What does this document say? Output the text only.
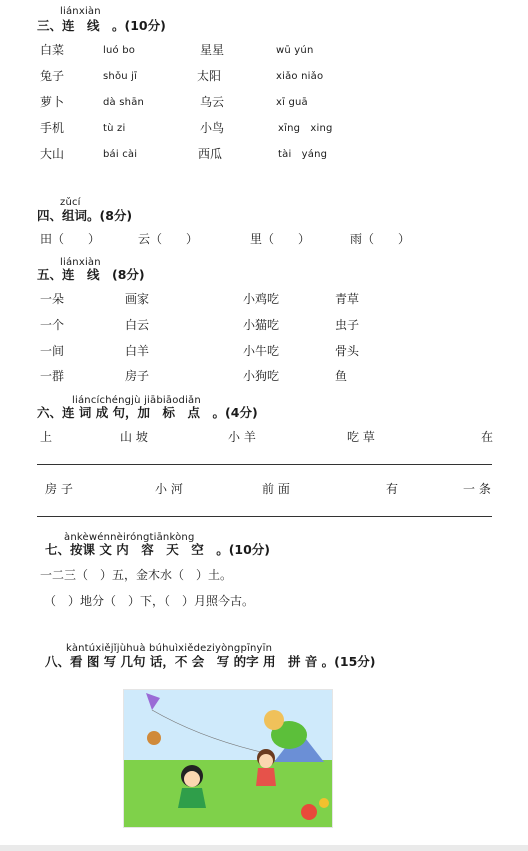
liánxiàn
三、连　线　。(10分)
白菜	luó bo	星星	wū yún
兔子	shǒu jī	太阳	xiǎo niǎo
萝卜	dà shān	乌云	xī guā
手机	tù zi	小鸟	xīng　xing
大山	bái cài	西瓜	tài　yáng
zǔcí
四、组词。(8分)
田（　　）	云（　　）	里（　　）	雨（　　）
liánxiàn
五、连　线　(8分)
一朵	画家	小鸡吃	青草
一个	白云	小猫吃	虫子
一间	白羊	小牛吃	骨头
一群	房子	小狗吃	鱼
liáncíchéngjù jiābiāodiǎn
六、连 词 成 句，加　标　点　。(4分)
上	山 坡	小 羊	吃 草	在
房 子	小 河	前 面	有	一 条
ànkèwénnèiróngtiānkòng
七、按课 文 内　容　天　空　。(10分)
一二三（　）五，金木水（　）土。
（　）地分（　）下，（　）月照今古。
kàntúxiějǐjùhuà búhuìxiědeziyòngpīnyīn
八、看 图 写 几句 话，不 会　写 的字 用　拼 音 。(15分)
